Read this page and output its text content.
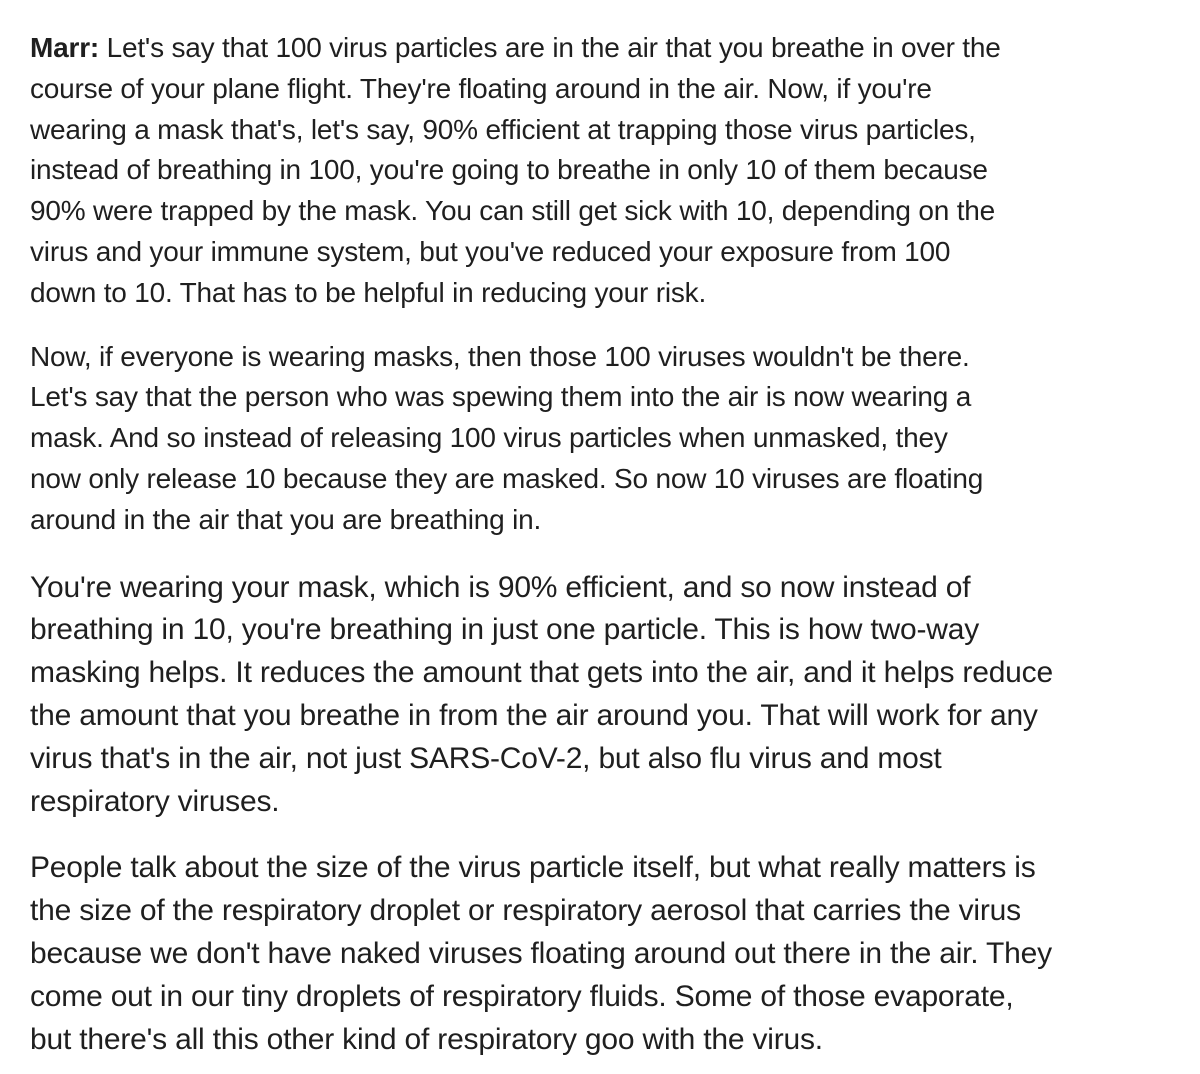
Marr: Let's say that 100 virus particles are in the air that you breathe in over the
course of your plane flight. They're floating around in the air. Now, if you're
wearing a mask that's, let's say, 90% efficient at trapping those virus particles,
instead of breathing in 100, you're going to breathe in only 10 of them because
90% were trapped by the mask. You can still get sick with 10, depending on the
virus and your immune system, but you've reduced your exposure from 100
down to 10. That has to be helpful in reducing your risk.

Now, if everyone is wearing masks, then those 100 viruses wouldn't be there.
Let's say that the person who was spewing them into the air is now wearing a
mask. And so instead of releasing 100 virus particles when unmasked, they
now only release 10 because they are masked. So now 10 viruses are floating
around in the air that you are breathing in.

You're wearing your mask, which is 90% efficient, and so now instead of
breathing in 10, you're breathing in just one particle. This is how two-way
masking helps. It reduces the amount that gets into the air, and it helps reduce
the amount that you breathe in from the air around you. That will work for any
virus that's in the air, not just SARS-CoV-2, but also flu virus and most
respiratory viruses.

People talk about the size of the virus particle itself, but what really matters is
the size of the respiratory droplet or respiratory aerosol that carries the virus
because we don't have naked viruses floating around out there in the air. They
come out in our tiny droplets of respiratory fluids. Some of those evaporate,
but there's all this other kind of respiratory goo with the virus.
